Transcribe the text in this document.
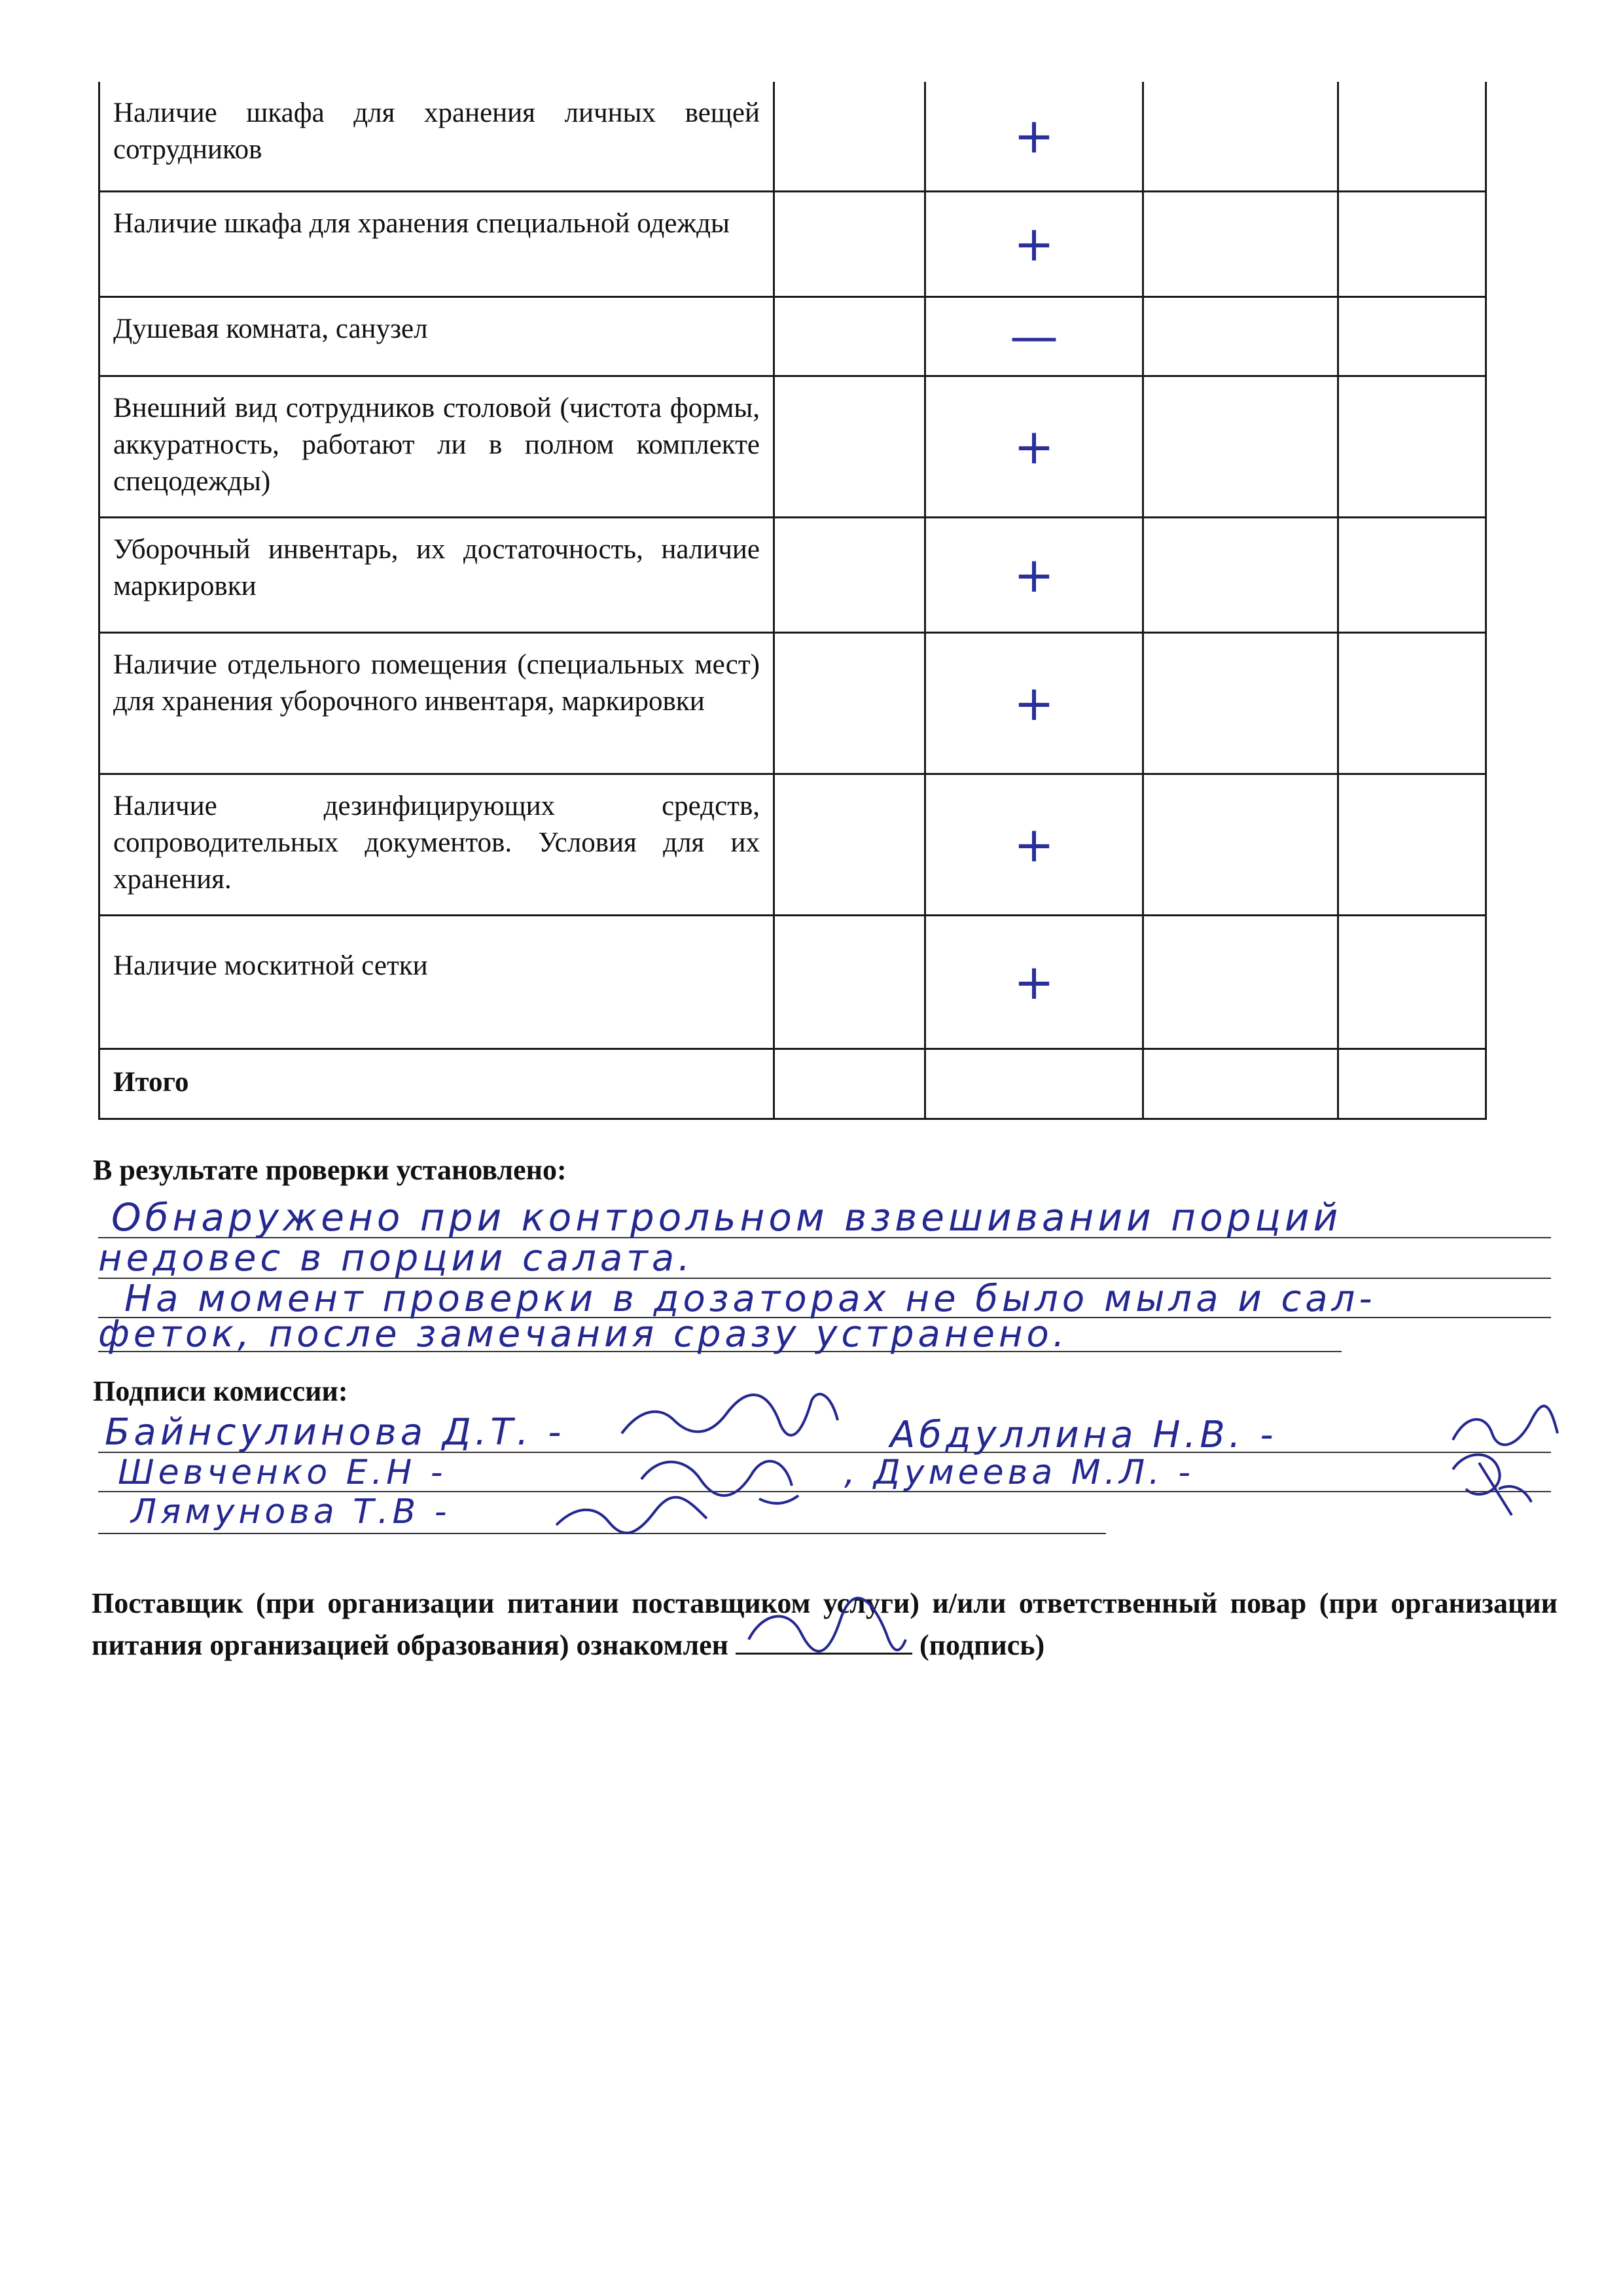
Наличие шкафа для хранения личных вещей сотрудников		+		

Наличие шкафа для хранения специальной одежды		+		

Душевая комната, санузел		—		

Внешний вид сотрудников столовой (чистота формы, аккуратность, работают ли в полном комплекте спецодежды)		+		

Уборочный инвентарь, их достаточность, наличие маркировки		+		

Наличие отдельного помещения (специальных мест) для хранения уборочного инвентаря, маркировки		+		

Наличие дезинфицирующих средств, сопроводительных документов. Условия для их хранения.		+		

Наличие москитной сетки		+		

Итого				
В результате проверки установлено:
Обнаружено при контрольном взвешивании порций
недовес в порции салата.
На момент проверки в дозаторах не было мыла и сал-
феток, после замечания сразу устранено.
Подписи комиссии:
Байнсулинова Д.Т. -	Абдуллина Н.В. -
Шевченко Е.Н -	, Думеева М.Л. -
Лямунова Т.В -
Поставщик (при организации питании поставщиком услуги) и/или ответственный повар (при организации питания организацией образования) ознакомлен	(подпись)
